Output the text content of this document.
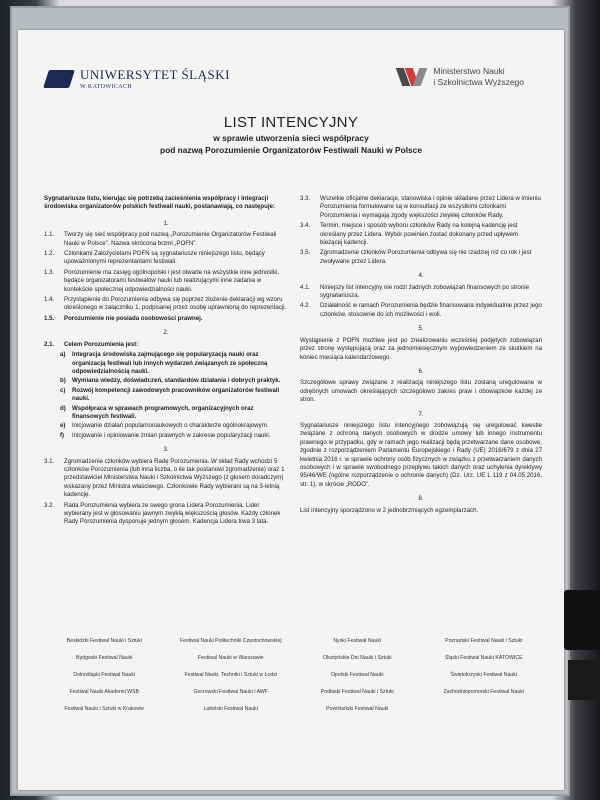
UNIWERSYTET ŚLĄSKI
W KATOWICACH
Ministerstwo Nauki
i Szkolnictwa Wyższego
LIST INTENCYJNY
w sprawie utworzenia sieci współpracy
pod nazwą Porozumienie Organizatorów Festiwali Nauki w Polsce
Sygnatariusze listu, kierując się potrzebą zacieśnienia współpracy i integracji środowiska organizatorów polskich festiwali nauki, postanawiają, co następuje:
1.
1.1.	Tworzy się sieć współpracy pod nazwą „Porozumienie Organizatorów Festiwali Nauki w Polsce”. Nazwa skrócona brzmi „POFN”.
1.2.	Członkami Założycielami POFN są sygnatariusze niniejszego listu, będący upoważnionymi reprezentantami festiwali.
1.3.	Porozumienie ma zasięg ogólnopolski i jest otwarte na wszystkie inne jednostki, będące organizatorami festiwalów nauki lub realizującymi inne zadania w kontekście społecznej odpowiedzialności nauki.
1.4.	Przystąpienie do Porozumienia odbywa się poprzez złożenie deklaracji wg wzoru określonego w załączniku 1, podpisanej przez osobę uprawnioną do reprezentacji.
1.5.	Porozumienie nie posiada osobowości prawnej.
2.
2.1.	Celem Porozumienia jest:
a)	Integracja środowiska zajmującego się popularyzacją nauki oraz organizacją festiwali lub innych wydarzeń związanych ze społeczną odpowiedzialnością nauki.
b)	Wymiana wiedzy, doświadczeń, standardów działania i dobrych praktyk.
c)	Rozwój kompetencji zawodowych pracowników organizatorów festiwali nauki.
d)	Współpraca w sprawach programowych, organizacyjnych oraz finansowych festiwali.
e)	Inicjowanie działań popularnonaukowych o charakterze ogólnokrajowym.
f)	Inicjowanie i opiniowanie zmian prawnych w zakresie popularyzacji nauki.
3.
3.1.	Zgromadzenie członków wybiera Radę Porozumienia. W skład Rady wchodzi 5 członków Porozumienia (lub inna liczba, o ile tak postanowi zgromadzenie) oraz 1 przedstawiciel Ministerstwa Nauki i Szkolnictwa Wyższego (z głosem doradczym) wskazany przez Ministra właściwego. Członkowie Rady wybierani są na 3-letnią kadencję.
3.2.	Rada Porozumienia wybiera ze swego grona Lidera Porozumienia. Lider wybierany jest w głosowaniu jawnym zwykłą większością głosów. Każdy członek Rady Porozumienia dysponuje jednym głosem. Kadencja Lidera trwa 3 lata.
3.3.	Wszelkie oficjalne deklaracje, stanowiska i opinie składane przez Lidera w imieniu Porozumienia formułowane są w konsultacji ze wszystkimi członkami Porozumienia i wymagają zgody większości zwykłej członków Rady.
3.4.	Termin, miejsce i sposób wyboru członków Rady na kolejną kadencję jest określany przez Lidera. Wybór powinien zostać dokonany przed upływem bieżącej kadencji.
3.5.	Zgromadzenie członków Porozumienia odbywa się nie rzadziej niż co rok i jest zwoływane przez Lidera.
4.
4.1.	Niniejszy list intencyjny nie rodzi żadnych zobowiązań finansowych po stronie sygnatariusza.
4.2.	Działalność w ramach Porozumienia będzie finansowana indywidualnie przez jego członków, stosownie do ich możliwości i woli.
5.
Wystąpienie z POFN możliwe jest po zrealizowaniu wcześniej podjętych zobowiązań przez stronę występującą oraz za jednomiesięcznym wypowiedzeniem ze skutkiem na koniec miesiąca kalendarzowego.
6.
Szczegółowe sprawy związane z realizacją niniejszego listu zostaną uregulowane w odrębnych umowach określających szczegółowo zakres praw i obowiązków każdej ze stron.
7.
Sygnatariusze niniejszego listu intencyjnego zobowiązują się uregulować kwestie związane z ochroną danych osobowych w drodze umowy lub innego instrumentu prawnego w przypadku, gdy w ramach jego realizacji będą przetwarzane dane osobowe, zgodnie z rozporządzeniem Parlamentu Europejskiego i Rady (UE) 2016/679 z dnia 27 kwietnia 2016 r. w sprawie ochrony osób fizycznych w związku z przetwarzaniem danych osobowych i w sprawie swobodnego przepływu takich danych oraz uchylenia dyrektywy 95/46/WE (ogólne rozporządzenie o ochronie danych) (Dz. Urz. UE L 119 z 04.05.2016, str. 1), w skrócie „RODO”.
8.
List intencyjny sporządzono w 2 jednobrzmiących egzemplarzach.
Beskidzki Festiwal Nauki i Sztuki	Festiwal Nauki Politechniki Częstochowskiej	Nyski Festiwal Nauki	Poznański Festiwal Nauki i Sztuki
Bydgoski Festiwal Nauki	Festiwal Nauki w Warszawie	Olsztyńskie Dni Nauki i Sztuki	Śląski Festiwal Nauki KATOWICE
Dolnośląski Festiwal Nauki	Festiwal Nauki, Techniki i Sztuki w Łodzi	Opolski Festiwal Nauki	Świętokrzyski Festiwal Nauki
Festiwal Nauki Akademii WSB	Gorzowski Festiwal Nauki i AWF	Podlaski Festiwal Nauki i Sztuki	Zachodniopomorski Festiwal Nauki
Festiwal Nauki i Sztuki w Krakowie	Lubelski Festiwal Nauki	Powiślański Festiwal Nauki
